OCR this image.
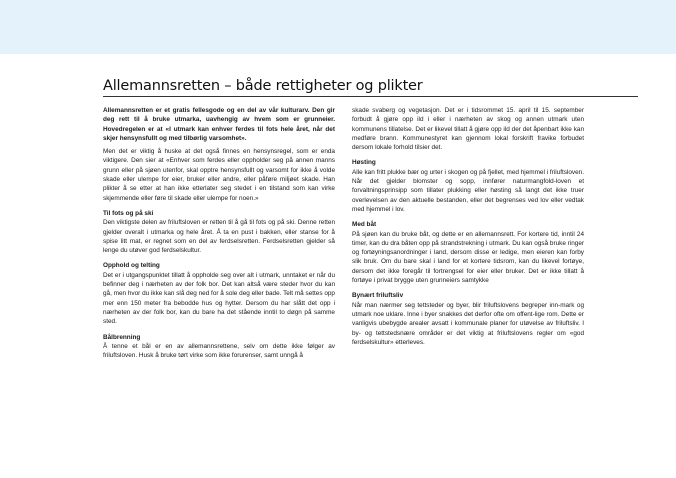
Allemannsretten – både rettigheter og plikter

Allemannsretten er et gratis fellesgode og en del av vår kulturarv. Den gir deg rett til å bruke utmarka, uavhengig av hvem som er grunneier. Hovedregelen er at «I utmark kan enhver ferdes til fots hele året, når det skjer hensynsfullt og med tilbørlig varsomhet».

Men det er viktig å huske at det også finnes en hensynsregel, som er enda viktigere. Den sier at «Enhver som ferdes eller oppholder seg på annen manns grunn eller på sjøen utenfor, skal opptre hensynsfullt og varsomt for ikke å volde skade eller ulempe for eier, bruker eller andre, eller påføre miljøet skade. Han plikter å se etter at han ikke etterlater seg stedet i en tilstand som kan virke skjemmende eller føre til skade eller ulempe for noen.»

Til fots og på ski

Den viktigste delen av friluftsloven er retten til å gå til fots og på ski. Denne retten gjelder overalt i utmarka og hele året. Å ta en pust i bakken, eller stanse for å spise litt mat, er regnet som en del av ferdselsretten. Ferdselsretten gjelder så lenge du utøver god ferdselskultur.

Opphold og telting

Det er i utgangspunktet tillatt å oppholde seg over alt i utmark, unntaket er når du befinner deg i nærheten av der folk bor. Det kan altså være steder hvor du kan gå, men hvor du ikke kan slå deg ned for å sole deg eller bade. Telt må settes opp mer enn 150 meter fra bebodde hus og hytter. Dersom du har slått det opp i nærheten av der folk bor, kan du bare ha det stående inntil to døgn på samme sted.

Bålbrenning

Å tenne et bål er en av allemannsrettene, selv om dette ikke følger av friluftsloven. Husk å bruke tørt virke som ikke forurenser, samt unngå å

skade svaberg og vegetasjon. Det er i tidsrommet 15. april til 15. september forbudt å gjøre opp ild i eller i nærheten av skog og annen utmark uten kommunens tillatelse. Det er likevel tillatt å gjøre opp ild der det åpenbart ikke kan medføre brann. Kommunestyret kan gjennom lokal forskrift fravike forbudet dersom lokale forhold tilsier det.

Høsting

Alle kan fritt plukke bær og urter i skogen og på fjellet, med hjemmel i friluftsloven. Når det gjelder blomster og sopp, innfører naturmangfold-loven et forvaltningsprinsipp som tillater plukking eller høsting så langt det ikke truer overlevelsen av den aktuelle bestanden, eller det begrenses ved lov eller vedtak med hjemmel i lov.

Med båt

På sjøen kan du bruke båt, og dette er en allemannsrett. For kortere tid, inntil 24 timer, kan du dra båten opp på strandstrekning i utmark. Du kan også bruke ringer og fortøyningsanordninger i land, dersom disse er ledige, men eieren kan forby slik bruk. Om du bare skal i land for et kortere tidsrom, kan du likevel fortøye, dersom det ikke foregår til fortrengsel for eier eller bruker. Det er ikke tillatt å fortøye i privat brygge uten grunneiers samtykke

Bynært friluftsliv

Når man nærmer seg tettsteder og byer, blir friluftslovens begreper inn-mark og utmark noe uklare. Inne i byer snakkes det derfor ofte om offent-lige rom. Dette er vanligvis ubebygde arealer avsatt i kommunale planer for utøvelse av friluftsliv. I by- og tettstedsnære områder er det viktig at friluftslovens regler om «god ferdselskultur» etterleves.
